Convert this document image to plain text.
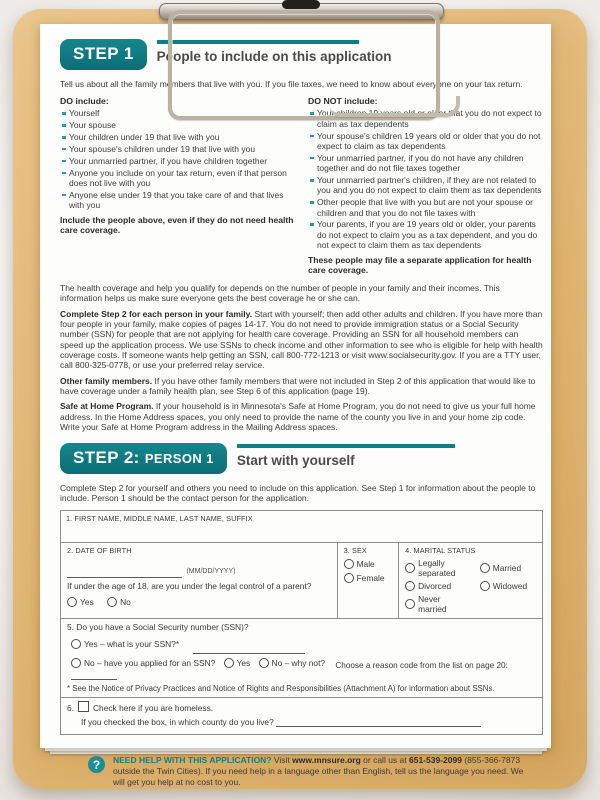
STEP 1	People to include on this application

Tell us about all the family members that live with you. If you file taxes, we need to know about everyone on your tax return.

DO include:
Yourself
Your spouse
Your children under 19 that live with you
Your spouse's children under 19 that live with you
Your unmarried partner, if you have children together
Anyone you include on your tax return, even if that person does not live with you
Anyone else under 19 that you take care of and that lives with you
Include the people above, even if they do not need health care coverage.
DO NOT include:
Your children 19 years old or older that you do not expect to claim as tax dependents
Your spouse's children 19 years old or older that you do not expect to claim as tax dependents
Your unmarried partner, if you do not have any children together and do not file taxes together
Your unmarried partner's children, if they are not related to you and you do not expect to claim them as tax dependents
Other people that live with you but are not your spouse or children and that you do not file taxes with
Your parents, if you are 19 years old or older, your parents do not expect to claim you as a tax dependent, and you do not expect to claim them as tax dependents
These people may file a separate application for health care coverage.

The health coverage and help you qualify for depends on the number of people in your family and their incomes. This information helps us make sure everyone gets the best coverage he or she can.

Complete Step 2 for each person in your family. Start with yourself; then add other adults and children. If you have more than four people in your family, make copies of pages 14-17. You do not need to provide immigration status or a Social Security number (SSN) for people that are not applying for health care coverage. Providing an SSN for all household members can speed up the application process. We use SSNs to check income and other information to see who is eligible for help with health coverage costs. If someone wants help getting an SSN, call 800-772-1213 or visit www.socialsecurity.gov. If you are a TTY user, call 800-325-0778, or use your preferred relay service.

Other family members. If you have other family members that were not included in Step 2 of this application that would like to have coverage under a family health plan, see Step 6 of this application (page 19).

Safe at Home Program. If your household is in Minnesota's Safe at Home Program, you do not need to give us your full home address. In the Home Address spaces, you only need to provide the name of the county you live in and your home zip code. Write your Safe at Home Program address in the Mailing Address spaces.

STEP 2: PERSON 1	Start with yourself

Complete Step 2 for yourself and others you need to include on this application. See Step 1 for information about the people to include. Person 1 should be the contact person for the application.

1. FIRST NAME, MIDDLE NAME, LAST NAME, SUFFIX
2. DATE OF BIRTH
(MM/DD/YYYY)
If under the age of 18, are you under the legal control of a parent?
Yes
	No
3. SEX
Male
Female
4. MARITAL STATUS
Legally separated	Married
Divorced	Widowed
Never married
5. Do you have a Social Security number (SSN)?
Yes – what is your SSN?*

No – have you applied for an SSN?
	Yes
	No – why not? Choose a reason code from the list on page 20:
* See the Notice of Privacy Practices and Notice of Rights and Responsibilities (Attachment A) for information about SSNs.
6. Check here if you are homeless.
If you checked the box, in which county do you live?
?	NEED HELP WITH THIS APPLICATION? Visit www.mnsure.org or call us at 651-539-2099 (855-366-7873 outside the Twin Cities). If you need help in a language other than English, tell us the language you need. We will get you help at no cost to you.
